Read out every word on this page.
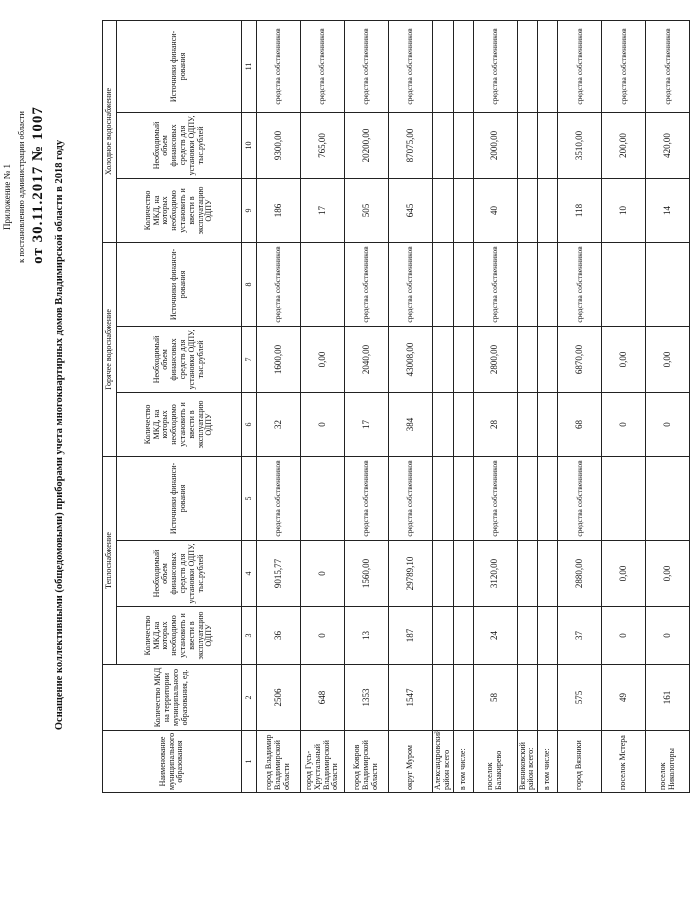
Приложение № 1 к постановлению администрации области от 30.11.2017 № 1007 Оснащение коллективными (общедомовыми) приборами учета многоквартирных домов Владимирской области в 2018 году
Наименование муниципального образования	Количество МКД на территории муниципального образования, ед.	Теплоснабжение			Горячее водоснабжение			Холодное водоснабжение		
		Количество МКД,на которых необходимо установить и ввести в эксплуатацию ОДПУ	Необходимый объем финансовых средств для установки ОДПУ, тыс.рублей	Источники финанси-рования	Количество МКД, на которых необходимо установить и ввести в эксплуатацию ОДПУ	Необходимый объем финансовых средств для установки ОДПУ, тыс.рублей	Источники финанси-рования	Количество МКД, на которых необходимо установить и ввести в эксплуатацию ОДПУ	Необходимый объем финансовых средств для установки ОДПУ, тыс.рублей	Источники финанси-рования
1	2	3	4	5	6	7	8	9	10	11
город Владимир Владимирской области	2506	36	9015,77	средства собственников	32	1600,00	средства собственников	186	9300,00	средства собственников
город Гусь-Хрустальный Владимирской области	648	0	0		0	0,00		17	765,00	средства собственников
город Ковров Владимирской области	1353	13	1560,00	средства собственников	17	2040,00	средства собственников	505	20200,00	средства собственников
округ Муром	1547	187	29789,10	средства собственников	384	43008,00	средства собственников	645	87075,00	средства собственников
Александровский район всего										
в том числе:										
поселок Балакирево	58	24	3120,00	средства собственников	28	2800,00	средства собственников	40	2000,00	средства собственников
Вязниковский район всего:										
в том числе:										
город Вязники	575	37	2880,00	средства собственников	68	6870,00	средства собственников	118	3510,00	средства собственников
поселок Мстера	49	0	0,00		0	0,00		10	200,00	средства собственников
поселок Никологоры	161	0	0,00		0	0,00		14	420,00	средства собственников
